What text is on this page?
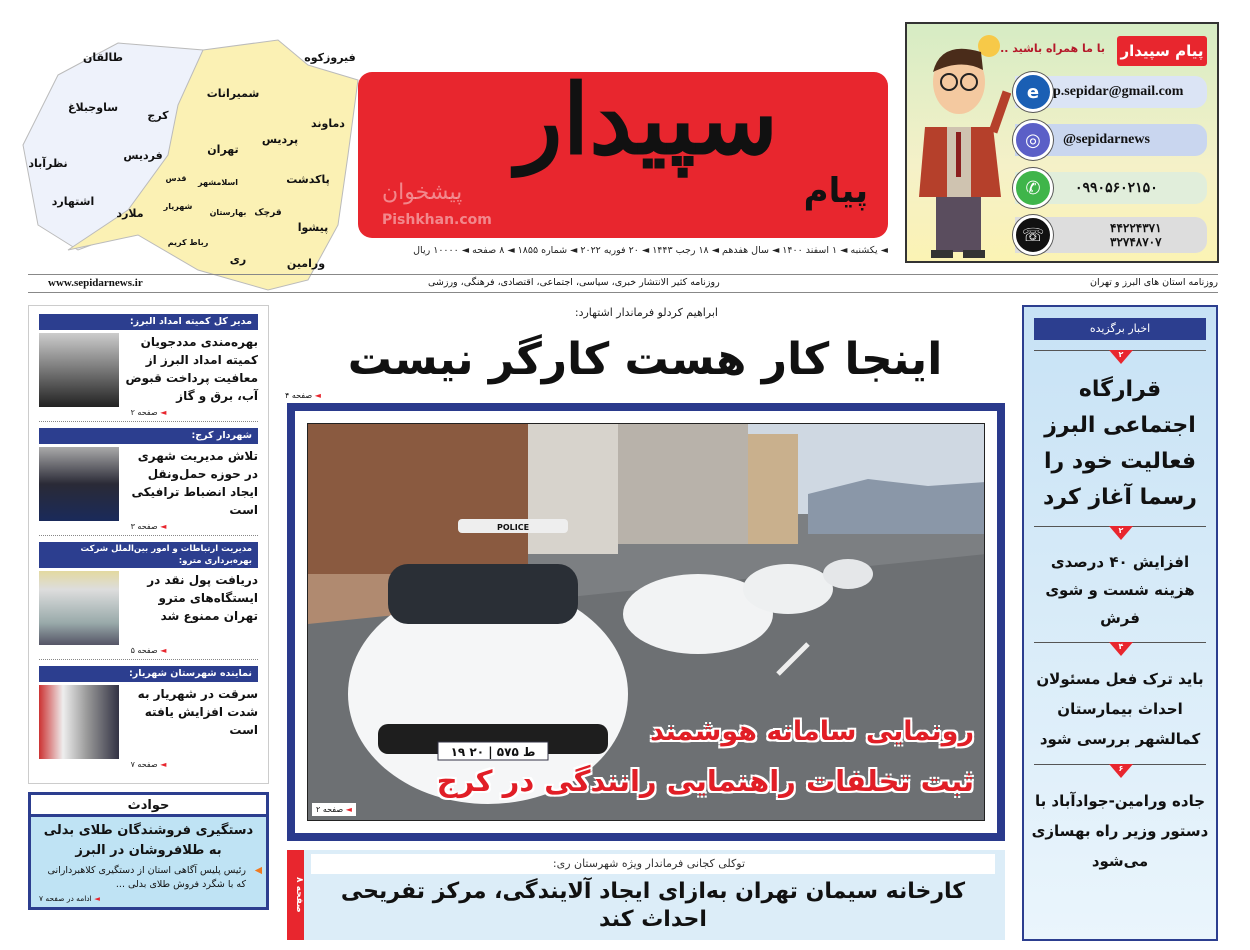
طالقان
ساوجبلاغ
کرج
نظرآباد
فردیس
اشتهارد
شمیرانات
فیروزکوه
دماوند
پردیس
تهران
قدس اسلامشهر
ملارد
شهریار
بهارستان
رباط کریم
ری
پاکدشت
قرچک
پیشوا
ورامین
سپیدار
پیام
پیشخوان
Pishkhan.com
◄ یکشنبه ◄ ۱ اسفند ۱۴۰۰ ◄ سال هفدهم ◄ ۱۸ رجب ۱۴۴۳ ◄ ۲۰ فوریه ۲۰۲۲ ◄ شماره ۱۸۵۵ ◄ ۸ صفحه ◄ ۱۰۰۰۰ ریال
پیام سپیدار
با ما همراه باشید ..
p.sepidar@gmail.com
e
@sepidarnews
◎
۰۹۹۰۵۶۰۲۱۵۰
✆
۴۴۲۲۴۳۷۱
۳۲۷۴۸۷۰۷
☏
www.sepidarnews.ir	روزنامه کثیر الانتشار خبری، سیاسی، اجتماعی، اقتصادی، فرهنگی، ورزشی	روزنامه استان های البرز و تهران
مدیر کل کمیته امداد البرز:
بهره‌مندی مددجویان کمیته امداد البرز از معافیت پرداخت قبوض آب، برق و گاز
◄ صفحه ۲
شهردار کرج:
تلاش مدیریت شهری در حوزه حمل‌ونقل ایجاد انضباط ترافیکی است
◄ صفحه ۳
مدیریت ارتباطات و امور بین‌الملل شرکت بهره‌برداری مترو:
دریافت پول نقد در ایستگاه‌های مترو تهران ممنوع شد
◄ صفحه ۵
نماینده شهرستان شهریار:
سرقت در شهریار به شدت افزایش یافته است
◄ صفحه ۷
حوادث
دستگیری فروشندگان طلای بدلی به طلافروشان در البرز
◀
رئیس پلیس آگاهی استان از دستگیری کلاهبردارانی که با شگرد فروش طلای بدلی ...
◄ ادامه در صفحه ۷
ابراهیم کردلو فرماندار اشتهارد:
اینجا کار هست کارگر نیست
◄ صفحه ۴
۱۹ ط ۵۷۵ | ۲۰
POLICE
رونمایی سامانه هوشمند
ثبت تخلفات راهنمایی رانندگی در کرج
◄ صفحه ۲
صفحه ۸
توکلی کجانی فرماندار ویژه شهرستان ری:
کارخانه سیمان تهران به‌ازای ایجاد آلایندگی، مرکز تفریحی احداث کند
اخبار برگزیده
۲
قرارگاه اجتماعی البرز فعالیت خود را رسما آغاز کرد
۲
افزایش ۴۰ درصدی هزینه شست و شوی فرش
۴
باید ترک فعل مسئولان احداث بیمارستان کمالشهر بررسی شود
۶
جاده ورامین-جوادآباد با دستور وزیر راه بهسازی می‌شود
